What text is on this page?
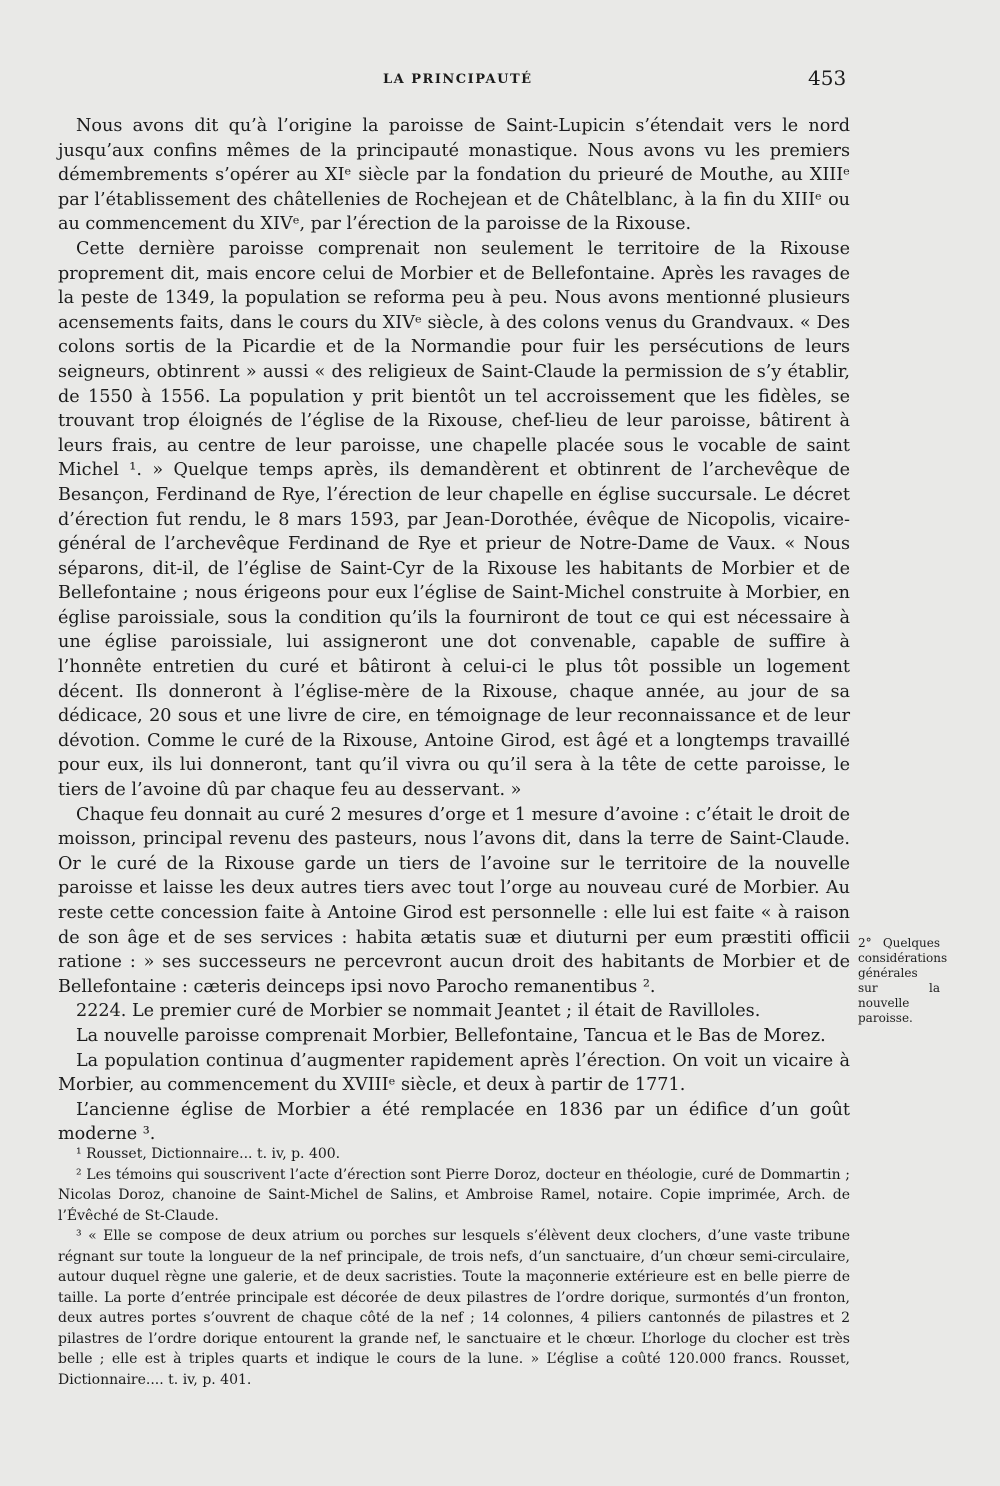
LA PRINCIPAUTÉ	453

Nous avons dit qu’à l’origine la paroisse de Saint-Lupicin s’étendait vers le nord jusqu’aux confins mêmes de la principauté monastique. Nous avons vu les premiers démembrements s’opérer au XIᵉ siècle par la fondation du prieuré de Mouthe, au XIIIᵉ par l’établissement des châtellenies de Rochejean et de Châtelblanc, à la fin du XIIIᵉ ou au commencement du XIVᵉ, par l’érection de la paroisse de la Rixouse.

Cette dernière paroisse comprenait non seulement le territoire de la Rixouse proprement dit, mais encore celui de Morbier et de Bellefontaine. Après les ravages de la peste de 1349, la population se reforma peu à peu. Nous avons mentionné plusieurs acensements faits, dans le cours du XIVᵉ siècle, à des colons venus du Grandvaux. « Des colons sortis de la Picardie et de la Normandie pour fuir les persécutions de leurs seigneurs, obtinrent » aussi « des religieux de Saint-Claude la permission de s’y établir, de 1550 à 1556. La population y prit bientôt un tel accroissement que les fidèles, se trouvant trop éloignés de l’église de la Rixouse, chef-lieu de leur paroisse, bâtirent à leurs frais, au centre de leur paroisse, une chapelle placée sous le vocable de saint Michel ¹. » Quelque temps après, ils demandèrent et obtinrent de l’archevêque de Besançon, Ferdinand de Rye, l’érection de leur chapelle en église succursale. Le décret d’érection fut rendu, le 8 mars 1593, par Jean-Dorothée, évêque de Nicopolis, vicaire-général de l’archevêque Ferdinand de Rye et prieur de Notre-Dame de Vaux. « Nous séparons, dit-il, de l’église de Saint-Cyr de la Rixouse les habitants de Morbier et de Bellefontaine ; nous érigeons pour eux l’église de Saint-Michel construite à Morbier, en église paroissiale, sous la condition qu’ils la fourniront de tout ce qui est nécessaire à une église paroissiale, lui assigneront une dot convenable, capable de suffire à l’honnête entretien du curé et bâtiront à celui-ci le plus tôt possible un logement décent. Ils donneront à l’église-mère de la Rixouse, chaque année, au jour de sa dédicace, 20 sous et une livre de cire, en témoignage de leur reconnaissance et de leur dévotion. Comme le curé de la Rixouse, Antoine Girod, est âgé et a longtemps travaillé pour eux, ils lui donneront, tant qu’il vivra ou qu’il sera à la tête de cette paroisse, le tiers de l’avoine dû par chaque feu au desservant. »

Chaque feu donnait au curé 2 mesures d’orge et 1 mesure d’avoine : c’était le droit de moisson, principal revenu des pasteurs, nous l’avons dit, dans la terre de Saint-Claude. Or le curé de la Rixouse garde un tiers de l’avoine sur le territoire de la nouvelle paroisse et laisse les deux autres tiers avec tout l’orge au nouveau curé de Morbier. Au reste cette concession faite à Antoine Girod est personnelle : elle lui est faite « à raison de son âge et de ses services : habita ætatis suæ et diuturni per eum præstiti officii ratione : » ses successeurs ne percevront aucun droit des habitants de Morbier et de Bellefontaine : cæteris deinceps ipsi novo Parocho remanentibus ².

2224. Le premier curé de Morbier se nommait Jeantet ; il était de Ravilloles.

La nouvelle paroisse comprenait Morbier, Bellefontaine, Tancua et le Bas de Morez.

La population continua d’augmenter rapidement après l’érection. On voit un vicaire à Morbier, au commencement du XVIIIᵉ siècle, et deux à partir de 1771.

L’ancienne église de Morbier a été remplacée en 1836 par un édifice d’un goût moderne ³.

2° Quelques considérations générales sur la nouvelle paroisse.

¹ Rousset, Dictionnaire... t. iv, p. 400.

² Les témoins qui souscrivent l’acte d’érection sont Pierre Doroz, docteur en théologie, curé de Dommartin ; Nicolas Doroz, chanoine de Saint-Michel de Salins, et Ambroise Ramel, notaire. Copie imprimée, Arch. de l’Évêché de St-Claude.

³ « Elle se compose de deux atrium ou porches sur lesquels s’élèvent deux clochers, d’une vaste tribune régnant sur toute la longueur de la nef principale, de trois nefs, d’un sanctuaire, d’un chœur semi-circulaire, autour duquel règne une galerie, et de deux sacristies. Toute la maçonnerie extérieure est en belle pierre de taille. La porte d’entrée principale est décorée de deux pilastres de l’ordre dorique, surmontés d’un fronton, deux autres portes s’ouvrent de chaque côté de la nef ; 14 colonnes, 4 piliers cantonnés de pilastres et 2 pilastres de l’ordre dorique entourent la grande nef, le sanctuaire et le chœur. L’horloge du clocher est très belle ; elle est à triples quarts et indique le cours de la lune. » L’église a coûté 120.000 francs. Rousset, Dictionnaire.... t. iv, p. 401.
